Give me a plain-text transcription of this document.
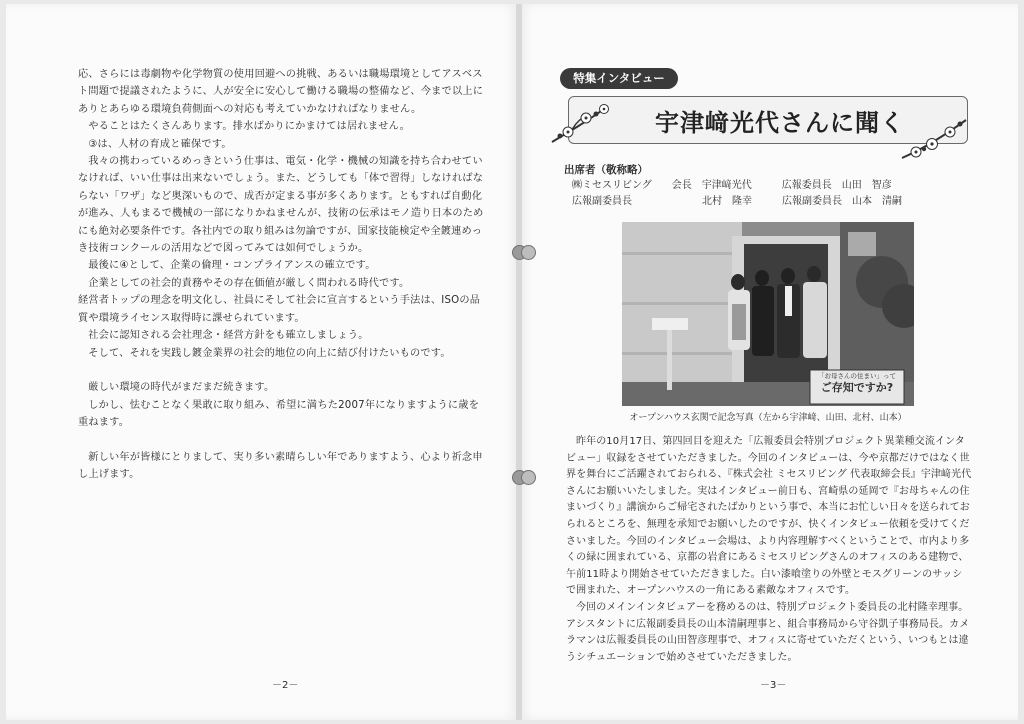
応、さらには毒劇物や化学物質の使用回避への挑戦、あるいは職場環境としてアスベスト問題で提議されたように、人が安全に安心して働ける職場の整備など、今まで以上にありとあらゆる環境負荷側面への対応も考えていかなければなりません。

やることはたくさんあります。排水ばかりにかまけては居れません。

③は、人材の育成と確保です。

我々の携わっているめっきという仕事は、電気・化学・機械の知識を持ち合わせていなければ、いい仕事は出来ないでしょう。また、どうしても「体で習得」しなければならない「ワザ」など奥深いもので、成否が定まる事が多くあります。ともすれば自動化が進み、人もまるで機械の一部になりかねませんが、技術の伝承はモノ造り日本のためにも絶対必要条件です。各社内での取り組みは勿論ですが、国家技能検定や全鍍連めっき技術コンクールの活用などで図ってみては如何でしょうか。

最後に④として、企業の倫理・コンプライアンスの確立です。

企業としての社会的責務やその存在価値が厳しく問われる時代です。

経営者トップの理念を明文化し、社員にそして社会に宣言するという手法は、ISOの品質や環境ライセンス取得時に課せられています。

社会に認知される会社理念・経営方針をも確立しましょう。

そして、それを実践し鍍金業界の社会的地位の向上に結び付けたいものです。

厳しい環境の時代がまだまだ続きます。

しかし、怯むことなく果敢に取り組み、希望に満ちた2007年になりますように歳を重ねます。

新しい年が皆様にとりまして、実り多い素晴らしい年でありますよう、心より祈念申し上げます。

－2－
特集インタビュー
宇津﨑光代さんに聞く
出席者（敬称略）
㈱ミセスリビング　　会長　宇津﨑光代　　　広報委員長　山田　智彦
広報副委員長　　　　　　　北村　隆幸　　　広報副委員長　山本　清嗣
「お母さんの住まい」って
ご存知ですか?
オープンハウス玄関で記念写真（左から宇津﨑、山田、北村、山本）

昨年の10月17日、第四回目を迎えた「広報委員会特別プロジェクト異業種交流インタビュー」収録をさせていただきました。今回のインタビューは、今や京都だけではなく世界を舞台にご活躍されておられる、『株式会社 ミセスリビング 代表取締会長』宇津﨑光代さんにお願いいたしました。実はインタビュー前日も、宮崎県の延岡で『お母ちゃんの住まいづくり』講演からご帰宅されたばかりという事で、本当にお忙しい日々を送られておられるところを、無理を承知でお願いしたのですが、快くインタビュー依頼を受けてくださいました。今回のインタビュー会場は、より内容理解すべくということで、市内より多くの緑に囲まれている、京都の岩倉にあるミセスリビングさんのオフィスのある建物で、午前11時より開始させていただきました。白い漆喰塗りの外壁とモスグリーンのサッシで囲まれた、オープンハウスの一角にある素敵なオフィスです。

今回のメインインタビュアーを務めるのは、特別プロジェクト委員長の北村隆幸理事。アシスタントに広報副委員長の山本清嗣理事と、組合事務局から守谷凱子事務局長。カメラマンは広報委員長の山田智彦理事で、オフィスに寄せていただくという、いつもとは違うシチュエーションで始めさせていただきました。

－3－
